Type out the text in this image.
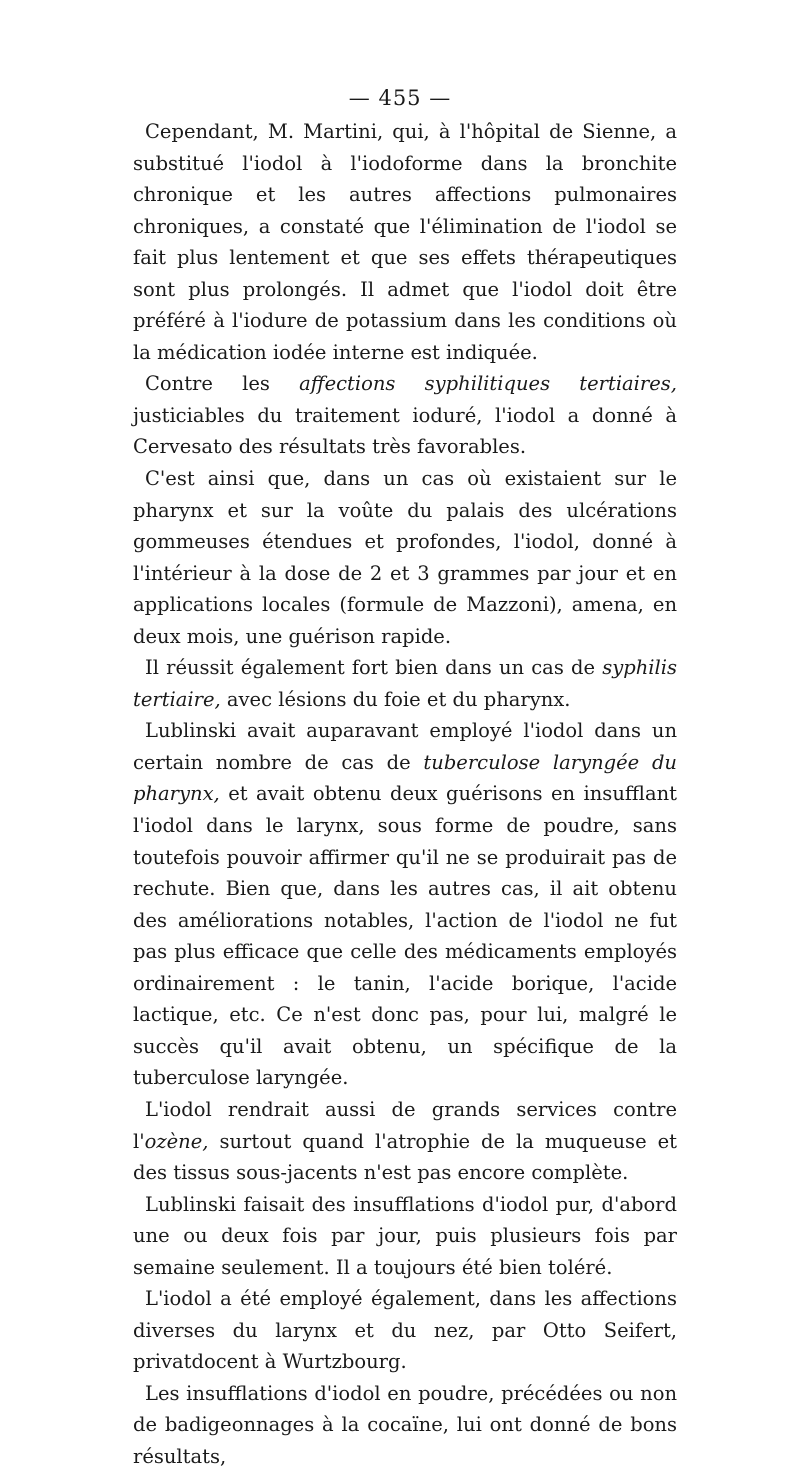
— 455 —

Cependant, M. Martini, qui, à l'hôpital de Sienne, a substitué l'iodol à l'iodoforme dans la bronchite chronique et les autres affections pulmonaires chroniques, a constaté que l'élimination de l'iodol se fait plus lentement et que ses effets thérapeutiques sont plus prolongés. Il admet que l'iodol doit être préféré à l'iodure de potassium dans les conditions où la médication iodée interne est indiquée.

Contre les affections syphilitiques tertiaires, justiciables du traitement ioduré, l'iodol a donné à Cervesato des résultats très favorables.

C'est ainsi que, dans un cas où existaient sur le pharynx et sur la voûte du palais des ulcérations gommeuses étendues et profondes, l'iodol, donné à l'intérieur à la dose de 2 et 3 grammes par jour et en applications locales (formule de Mazzoni), amena, en deux mois, une guérison rapide.

Il réussit également fort bien dans un cas de syphilis tertiaire, avec lésions du foie et du pharynx.

Lublinski avait auparavant employé l'iodol dans un certain nombre de cas de tuberculose laryngée du pharynx, et avait obtenu deux guérisons en insufflant l'iodol dans le larynx, sous forme de poudre, sans toutefois pouvoir affirmer qu'il ne se produirait pas de rechute. Bien que, dans les autres cas, il ait obtenu des améliorations notables, l'action de l'iodol ne fut pas plus efficace que celle des médicaments employés ordinairement : le tanin, l'acide borique, l'acide lactique, etc. Ce n'est donc pas, pour lui, malgré le succès qu'il avait obtenu, un spécifique de la tuberculose laryngée.

L'iodol rendrait aussi de grands services contre l'ozène, surtout quand l'atrophie de la muqueuse et des tissus sous-jacents n'est pas encore complète.

Lublinski faisait des insufflations d'iodol pur, d'abord une ou deux fois par jour, puis plusieurs fois par semaine seulement. Il a toujours été bien toléré.

L'iodol a été employé également, dans les affections diverses du larynx et du nez, par Otto Seifert, privatdocent à Wurtzbourg.

Les insufflations d'iodol en poudre, précédées ou non de badigeonnages à la cocaïne, lui ont donné de bons résultats,
